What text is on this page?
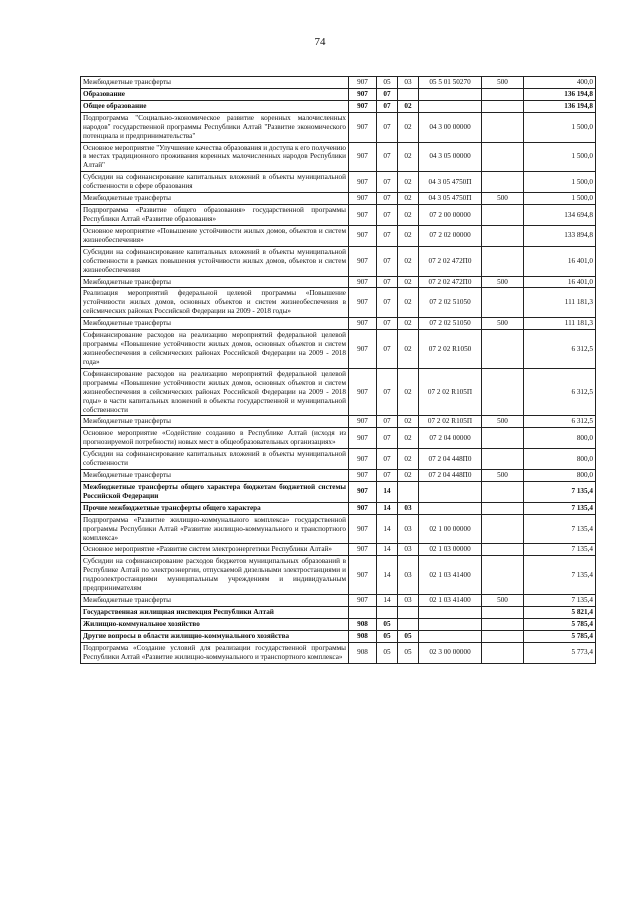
74
Межбюджетные трансферты	907	05	03	05 5 01 50270	500	400,0
Образование	907	07				136 194,8
Общее образование	907	07	02			136 194,8
Подпрограмма "Социально-экономическое развитие коренных малочисленных народов" государственной программы Республики Алтай "Развитие экономического потенциала и предпринимательства"	907	07	02	04 3 00 00000		1 500,0
Основное мероприятие "Улучшение качества образования и доступа к его получению в местах традиционного проживания коренных малочисленных народов Республики Алтай"	907	07	02	04 3 05 00000		1 500,0
Субсидии на софинансирование капитальных вложений в объекты муниципальной собственности в сфере образования	907	07	02	04 3 05 4750П		1 500,0
Межбюджетные трансферты	907	07	02	04 3 05 4750П	500	1 500,0
Подпрограмма «Развитие общего образования» государственной программы Республики Алтай «Развитие образования»	907	07	02	07 2 00 00000		134 694,8
Основное мероприятие «Повышение устойчивости жилых домов, объектов и систем жизнеобеспечения»	907	07	02	07 2 02 00000		133 894,8
Субсидии на софинансирование капитальных вложений в объекты муниципальной собственности в рамках повышения устойчивости жилых домов, объектов и систем жизнеобеспечения	907	07	02	07 2 02 472П0		16 401,0
Межбюджетные трансферты	907	07	02	07 2 02 472П0	500	16 401,0
Реализация мероприятий федеральной целевой программы «Повышение устойчивости жилых домов, основных объектов и систем жизнеобеспечения в сейсмических районах Российской Федерации на 2009 - 2018 годы»	907	07	02	07 2 02 51050		111 181,3
Межбюджетные трансферты	907	07	02	07 2 02 51050	500	111 181,3
Софинансирование расходов на реализацию мероприятий федеральной целевой программы «Повышение устойчивости жилых домов, основных объектов и систем жизнеобеспечения в сейсмических районах Российской Федерации на 2009 - 2018 года»	907	07	02	07 2 02 R1050		6 312,5
Софинансирование расходов на реализацию мероприятий федеральной целевой программы «Повышение устойчивости жилых домов, основных объектов и систем жизнеобеспечения в сейсмических районах Российской Федерации на 2009 - 2018 годы» в части капитальных вложений в объекты государственной и муниципальной собственности	907	07	02	07 2 02 R105П		6 312,5
Межбюджетные трансферты	907	07	02	07 2 02 R105П	500	6 312,5
Основное мероприятие «Содействие созданию в Республике Алтай (исходя из прогнозируемой потребности) новых мест в общеобразовательных организациях»	907	07	02	07 2 04 00000		800,0
Субсидии на софинансирование капитальных вложений в объекты муниципальной собственности	907	07	02	07 2 04 448П0		800,0
Межбюджетные трансферты	907	07	02	07 2 04 448П0	500	800,0
Межбюджетные трансферты общего характера бюджетам бюджетной системы Российской Федерации	907	14				7 135,4
Прочие межбюджетные трансферты общего характера	907	14	03			7 135,4
Подпрограмма «Развитие жилищно-коммунального комплекса» государственной программы Республики Алтай «Развитие жилищно-коммунального и транспортного комплекса»	907	14	03	02 1 00 00000		7 135,4
Основное мероприятие «Развитие систем электроэнергетики Республики Алтай»	907	14	03	02 1 03 00000		7 135,4
Субсидии на софинансирование расходов бюджетов муниципальных образований в Республике Алтай по электроэнергии, отпускаемой дизельными электростанциями и гидроэлектростанциями муниципальным учреждениям и индивидуальным предпринимателям	907	14	03	02 1 03 41400		7 135,4
Межбюджетные трансферты	907	14	03	02 1 03 41400	500	7 135,4
Государственная жилищная инспекция Республики Алтай						5 821,4
Жилищно-коммунальное хозяйство	908	05				5 785,4
Другие вопросы в области жилищно-коммунального хозяйства	908	05	05			5 785,4
Подпрограмма «Создание условий для реализации государственной программы Республики Алтай «Развитие жилищно-коммунального и транспортного комплекса»	908	05	05	02 3 00 00000		5 773,4
